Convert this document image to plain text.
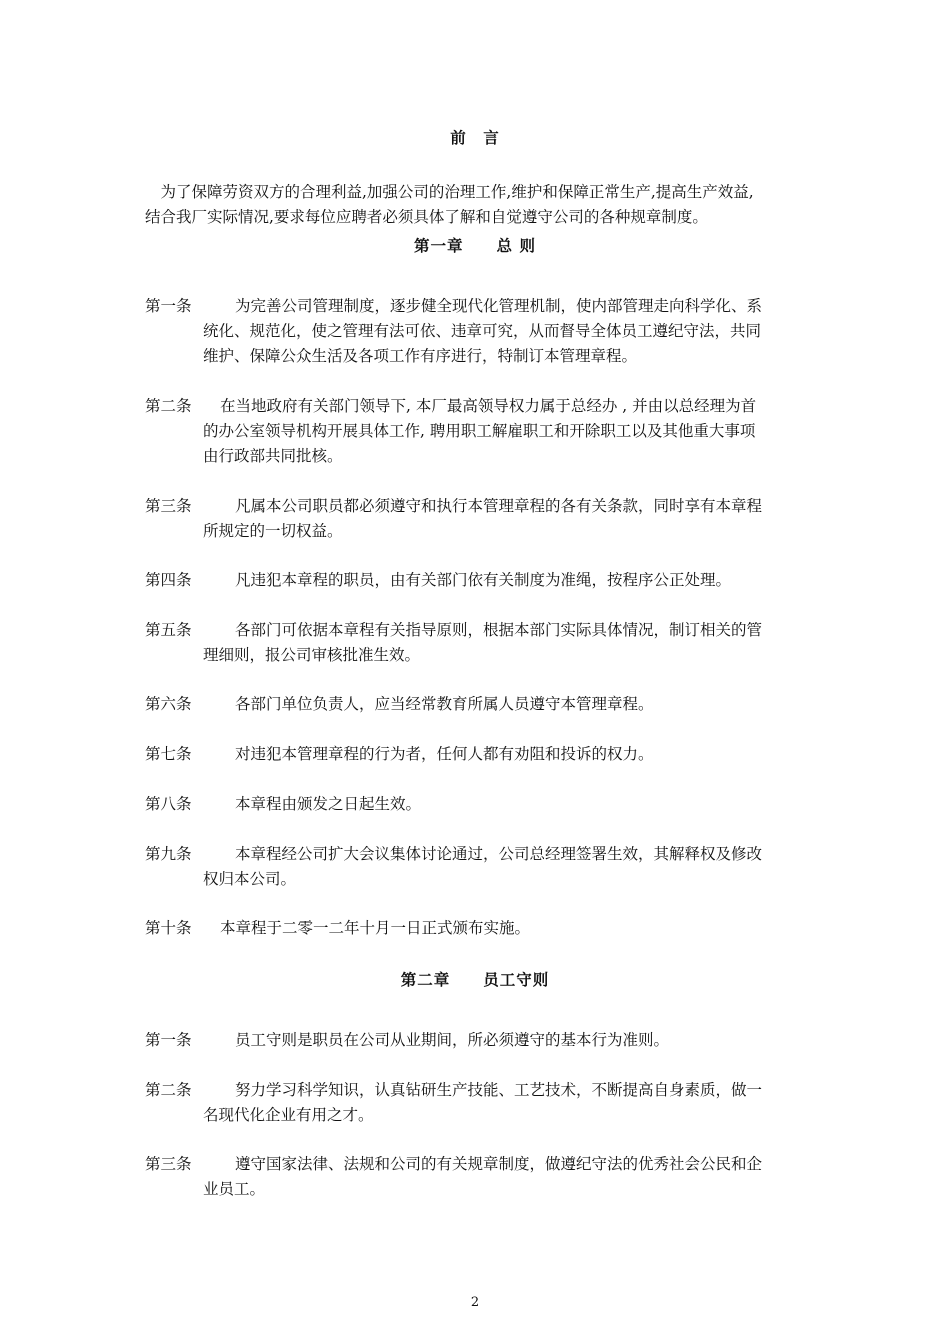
前　言
　为了保障劳资双方的合理利益,加强公司的治理工作,维护和保障正常生产,提高生产效益,
结合我厂实际情况,要求每位应聘者必须具体了解和自觉遵守公司的各种规章制度。
第一章　　总 则
第一条	为完善公司管理制度，逐步健全现代化管理机制，使内部管理走向科学化、系
统化、规范化，使之管理有法可依、违章可究，从而督导全体员工遵纪守法，共同
维护、保障公众生活及各项工作有序进行，特制订本管理章程。
第二条	在当地政府有关部门领导下, 本厂最高领导权力属于总经办 , 并由以总经理为首
的办公室领导机构开展具体工作, 聘用职工解雇职工和开除职工以及其他重大事项
由行政部共同批核。
第三条	凡属本公司职员都必须遵守和执行本管理章程的各有关条款，同时享有本章程
所规定的一切权益。
第四条	凡违犯本章程的职员，由有关部门依有关制度为准绳，按程序公正处理。
第五条	各部门可依据本章程有关指导原则，根据本部门实际具体情况，制订相关的管
理细则，报公司审核批准生效。
第六条	各部门单位负责人，应当经常教育所属人员遵守本管理章程。
第七条	对违犯本管理章程的行为者，任何人都有劝阻和投诉的权力。
第八条	本章程由颁发之日起生效。
第九条	本章程经公司扩大会议集体讨论通过，公司总经理签署生效，其解释权及修改
权归本公司。
第十条	本章程于二零一二年十月一日正式颁布实施。
第二章　　员工守则
第一条	员工守则是职员在公司从业期间，所必须遵守的基本行为准则。
第二条	努力学习科学知识，认真钻研生产技能、工艺技术，不断提高自身素质，做一
名现代化企业有用之才。
第三条	遵守国家法律、法规和公司的有关规章制度，做遵纪守法的优秀社会公民和企
业员工。
2
